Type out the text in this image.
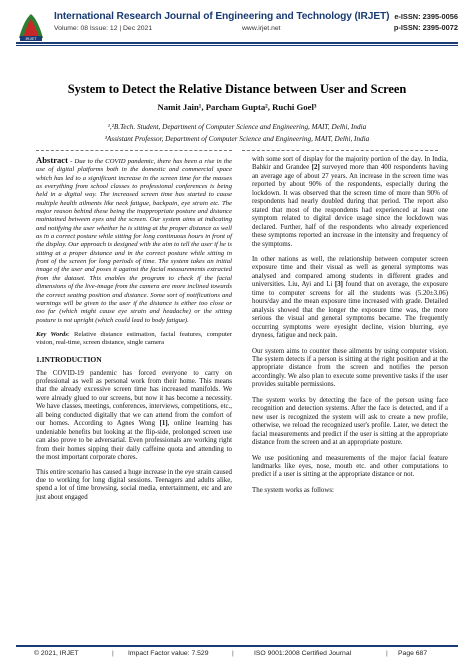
IRJET
International Research Journal of Engineering and Technology (IRJET)
Volume: 08 Issue: 12 | Dec 2021	www.irjet.net
e-ISSN: 2395-0056
p-ISSN: 2395-0072
System to Detect the Relative Distance between User and Screen
Namit Jain¹, Parcham Gupta², Ruchi Goel³
¹,²B.Tech. Student, Department of Computer Science and Engineering, MAIT, Delhi, India
³Assistant Professor, Department of Computer Science and Engineering, MAIT, Delhi, India

Abstract - Due to the COVID pandemic, there has been a rise in the use of digital platforms both in the domestic and commercial space which has led to a significant increase in the screen time for the masses as everything from school classes to professional conferences is being held in a digital way. The increased screen time has started to cause multiple health ailments like neck fatigue, backpain, eye strain etc. The major reason behind these being the inappropriate posture and distance maintained between eyes and the screen. Our system aims at indicating and notifying the user whether he is sitting at the proper distance as well as in a correct posture while sitting for long continuous hours in front of the display. Our approach is designed with the aim to tell the user if he is sitting at a proper distance and in the correct posture while sitting in front of the screen for long periods of time. The system takes an initial image of the user and poses it against the facial measurements extracted from the dataset. This enables the program to check if the facial dimensions of the live-image from the camera are more inclined towards the correct seating position and distance. Some sort of notifications and warnings will be given to the user if the distance is either too close or too far (which might cause eye strain and headache) or the sitting posture is not upright (which could lead to body fatigue).

Key Words: Relative distance estimation, facial features, computer vision, real-time, screen distance, single camera

1.INTRODUCTION

The COVID-19 pandemic has forced everyone to carry on professional as well as personal work from their home. This means that the already excessive screen time has increased manifolds. We were already glued to our screens, but now it has become a necessity. We have classes, meetings, conferences, interviews, competitions, etc., all being conducted digitally that we can attend from the comfort of our homes. According to Agnes Wong [1], online learning has undeniable benefits but looking at the flip-side, prolonged screen use can also prove to be adversarial. Even professionals are working right from their homes sipping their daily caffeine quota and attending to the most important corporate chores.

This entire scenario has caused a huge increase in the eye strain caused due to working for long digital sessions. Teenagers and adults alike, spend a lot of time browsing, social media, entertainment, etc and are just about engaged

with some sort of display for the majority portion of the day. In India, Bahkir and Grandee [2] surveyed more than 400 respondents having an average age of about 27 years. An increase in the screen time was reported by about 90% of the respondents, especially during the lockdown. It was observed that the screen time of more than 90% of respondents had nearly doubled during that period. The report also stated that most of the respondents had experienced at least one symptom related to digital device usage since the lockdown was declared. Further, half of the respondents who already experienced these symptoms reported an increase in the intensity and frequency of the symptoms.

In other nations as well, the relationship between computer screen exposure time and their visual as well as general symptoms was analysed and compared among students in different grades and universities. Liu, Ayi and Li [3] found that on average, the exposure time to computer screens for all the students was (5.20±3.06) hours/day and the mean exposure time increased with grade. Detailed analysis showed that the longer the exposure time was, the more serious the visual and general symptoms became. The frequently occurring symptoms were eyesight decline, vision blurring, eye dryness, fatigue and neck pain.

Our system aims to counter these ailments by using computer vision. The system detects if a person is sitting at the right position and at the appropriate distance from the screen and notifies the person accordingly. We also plan to execute some preventive tasks if the user provides suitable permissions.

The system works by detecting the face of the person using face recognition and detection systems. After the face is detected, and if a new user is recognized the system will ask to create a new profile, otherwise, we reload the recognized user's profile. Later, we detect the facial measurements and predict if the user is sitting at the appropriate distance from the screen and at an appropriate posture.

We use positioning and measurements of the major facial feature landmarks like eyes, nose, mouth etc. and other computations to predict if a user is sitting at the appropriate distance or not.

The system works as follows:

© 2021, IRJET	| Impact Factor value: 7.529	|	ISO 9001:2008 Certified Journal	| Page 687
